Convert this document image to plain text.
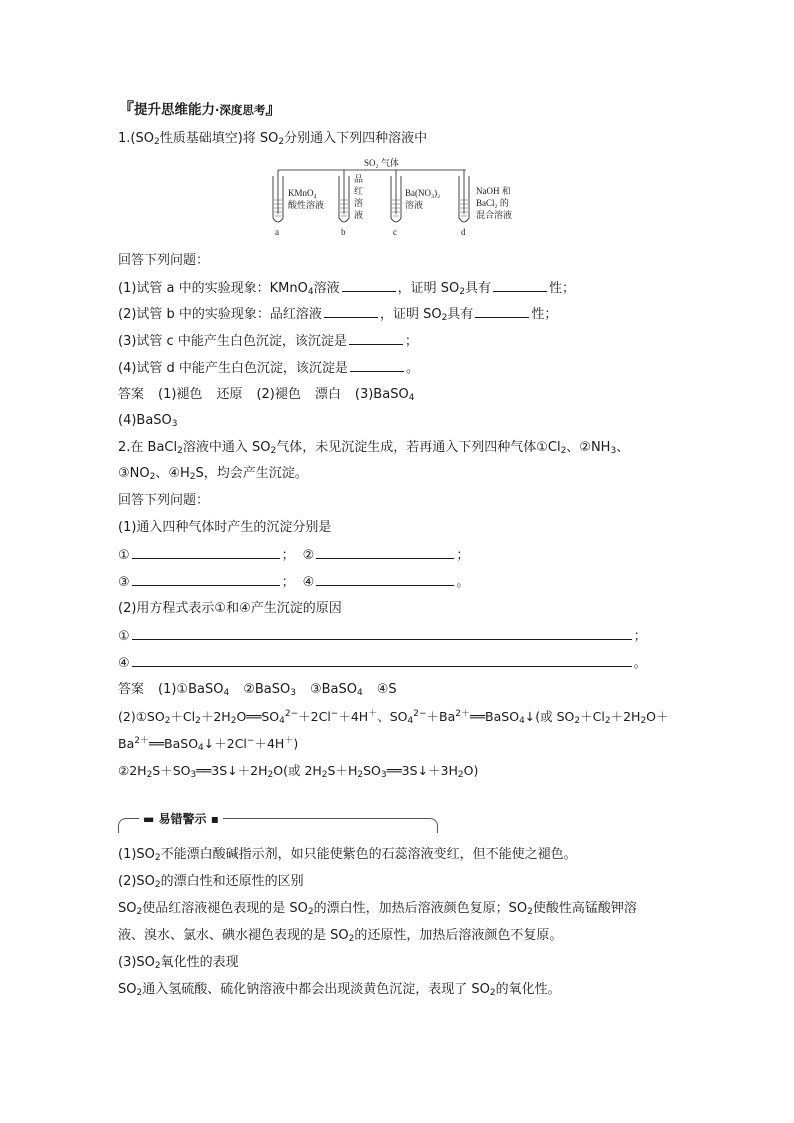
『提升思维能力·深度思考』
$1.(SO_2$性质基础填空)将 $SO_2$分别通入下列四种溶液中
SO₂ 气体
a
KMnO₄
酸性溶液
b
品
红
溶
液
c
Ba(NO₃)₂
溶液
d
NaOH 和
BaCl₂ 的
混合溶液
回答下列问题：
(1)试管 a 中的实验现象：KMnO$_4$溶液	，证明 $SO_2$具有	性；
(2)试管 b 中的实验现象：品红溶液	，证明 $SO_2$具有	性；
(3)试管 c 中能产生白色沉淀，该沉淀是	；
(4)试管 d 中能产生白色沉淀，该沉淀是	。
答案 (1)褪色 还原 (2)褪色 漂白 (3)BaSO$_4$
(4)BaSO$_3$
2.在 BaCl$_2$溶液中通入 $SO_2$气体，未见沉淀生成，若再通入下列四种气体$①Cl_2$、$②NH_3$、
$③NO_2$、$④H_2S$，均会产生沉淀。
回答下列问题：
(1)通入四种气体时产生的沉淀分别是
①	； ②	；
③	； ④	。
(2)用方程式表示①和④产生沉淀的原因
①	；
④	。
答案 (1)①BaSO$_4$ ②BaSO$_3$ ③BaSO$_4$ ④S
$(2)①SO_2+Cl_2+2H_2O══SO_4^{2-}+2Cl^-+4H^+$、$SO_4^{2-}+Ba^{2+}══BaSO_4↓$(或 $SO_2+Cl_2+2H_2O+$
$Ba^{2+}══BaSO_4↓+2Cl^-+4H^+$)
$②2H_2S+SO_3══3S↓+2H_2O$(或 $2H_2S+H_2SO_3══3S↓+3H_2O$)
▬ 易错警示 ▪
$(1)SO_2$不能漂白酸碱指示剂，如只能使紫色的石蕊溶液变红，但不能使之褪色。
$(2)SO_2$的漂白性和还原性的区别
$SO_2$使品红溶液褪色表现的是 $SO_2$的漂白性，加热后溶液颜色复原；$SO_2$使酸性高锰酸钾溶
液、溴水、氯水、碘水褪色表现的是 $SO_2$的还原性，加热后溶液颜色不复原。
$(3)SO_2$氧化性的表现
$SO_2$通入氢硫酸、硫化钠溶液中都会出现淡黄色沉淀，表现了 $SO_2$的氧化性。
